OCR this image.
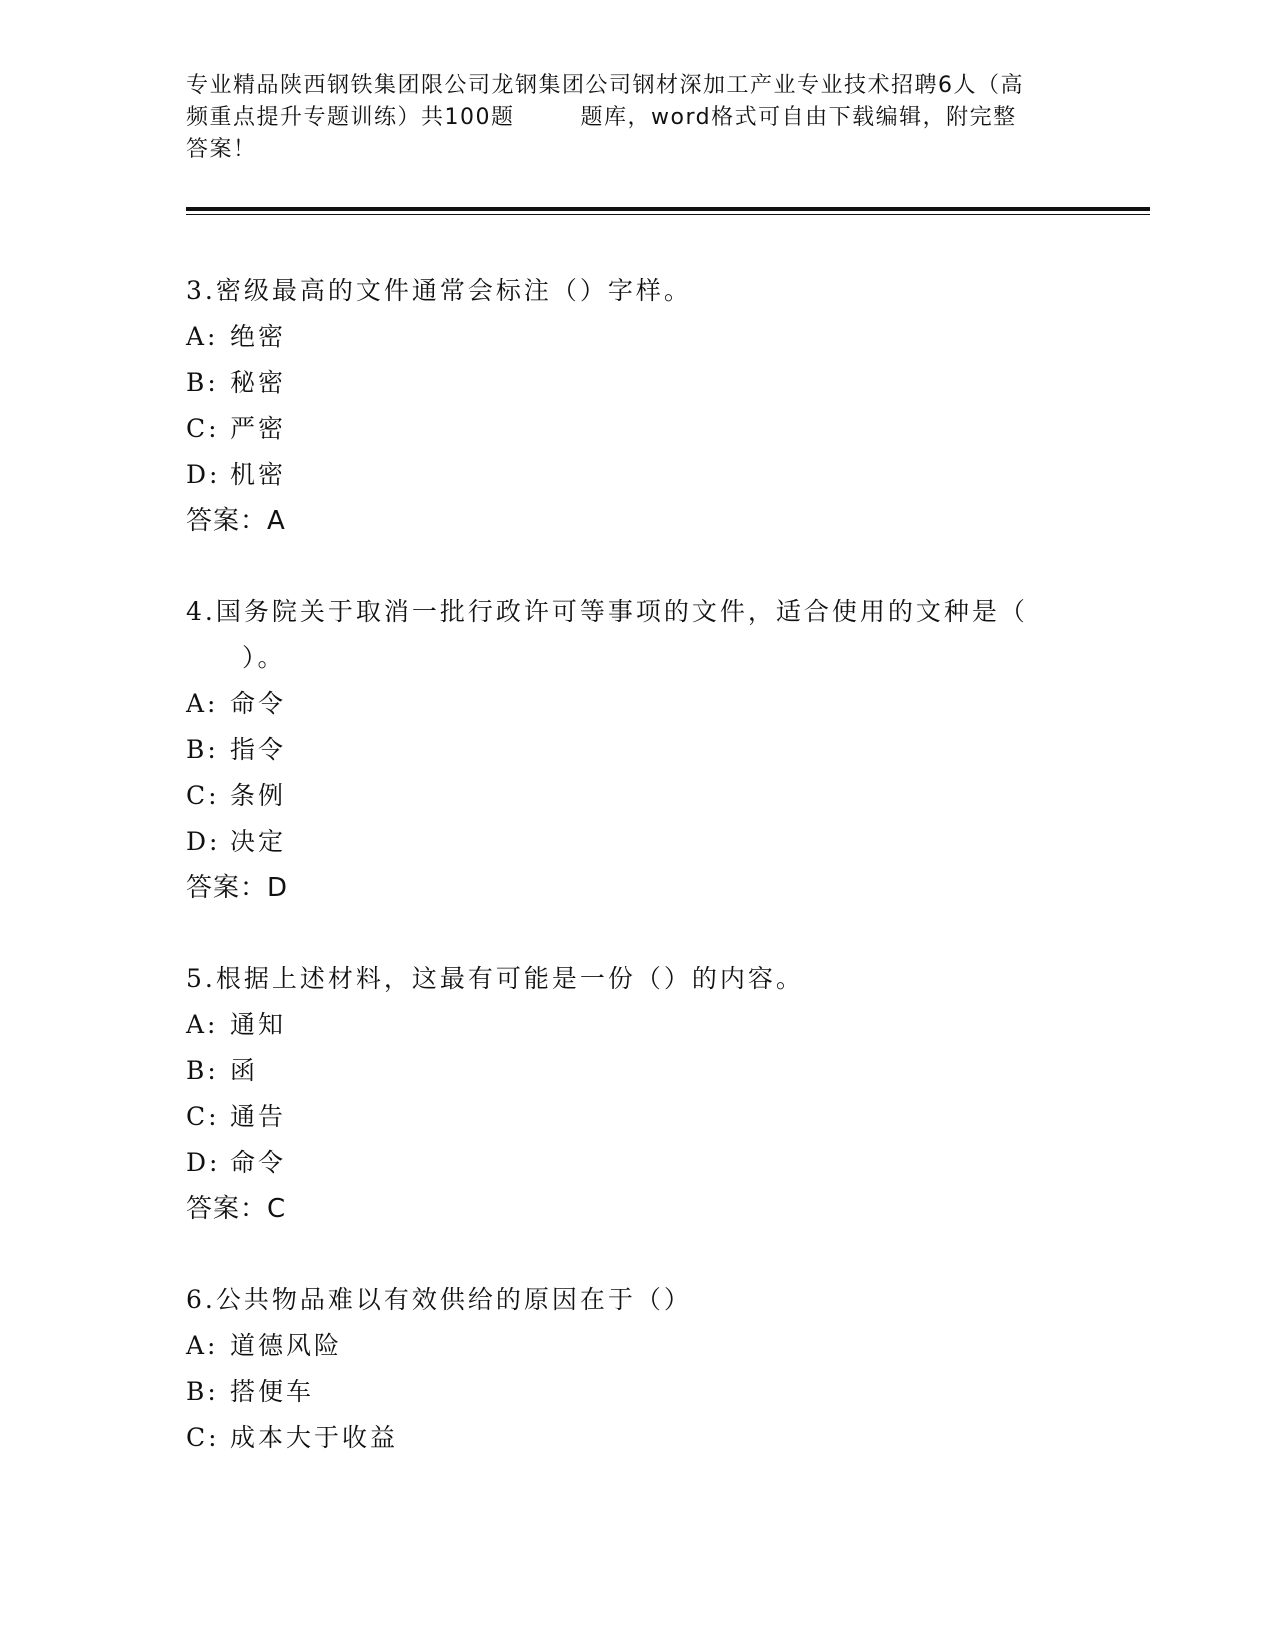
专业精品陕西钢铁集团限公司龙钢集团公司钢材深加工产业专业技术招聘6人（高
频重点提升专题训练）共100题	题库，word格式可自由下载编辑，附完整
答案！
3.密级最高的文件通常会标注（）字样。
A: 绝密
B: 秘密
C: 严密
D: 机密
答案：A
4.国务院关于取消一批行政许可等事项的文件，适合使用的文种是（
）。
A: 命令
B: 指令
C: 条例
D: 决定
答案：D
5.根据上述材料，这最有可能是一份（）的内容。
A: 通知
B: 函
C: 通告
D: 命令
答案：C
6.公共物品难以有效供给的原因在于（）
A: 道德风险
B: 搭便车
C: 成本大于收益
